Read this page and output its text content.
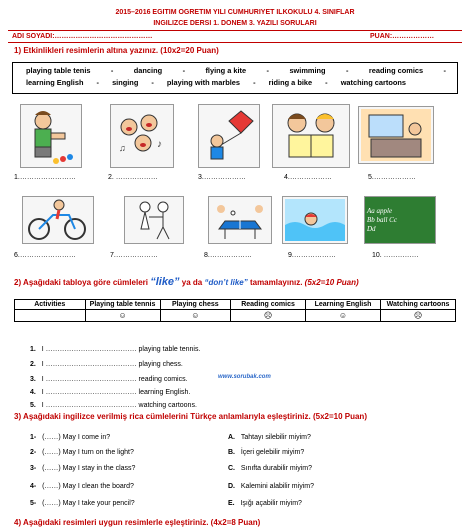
2015–2016 EGITIM OGRETIM YILI CUMHURIYET ILKOKULU 4. SINIFLAR
INGILIZCE DERSI 1. DONEM 3. YAZILI SORULARI
ADI SOYADI:……………………………………	PUAN:………………
1) Etkinlikleri resimlerin altına yazınız. (10x2=20 Puan)
playing table tenis	-	dancing	-	flying a kite	-	swimming	-	reading comics	-
learning English - singing - playing with marbles - riding a bike - watching cartoons
♪
♫
1.……………………	2. ………………	3.………………	4.………………	5.………………
Aa apple
Bb ball Cc
Dd
6.……………………	7.………………	8.………………	9.………………	10. ……………
2) Aşağıdaki tabloya göre cümleleri “like” ya da “don’t like” tamamlayınız. (5x2=10 Puan)
Activities	Playing table tennis	Playing chess	Reading comics	Learning English	Watching cartoons
	☺	☺	☹	☺	☹
1. I ………………………………… playing table tennis.
2. I ………………………………… playing chess.
3. I ………………………………… reading comics.
4. I ………………………………… learning English.
5. I ………………………………… watching cartoons.
www.sorubak.com
3) Aşağıdaki ingilizce verilmiş rica cümlelerini Türkçe anlamlarıyla eşleştiriniz. (5x2=10 Puan)
1- (……) May I come in?
2- (……) May I turn on the light?
3- (……) May I stay in the class?
4- (……) May I clean the board?
5- (……) May I take your pencil?
A. Tahtayı silebilir miyim?
B. İçeri gelebilir miyim?
C. Sınıfta durabilir miyim?
D. Kalemini alabilir miyim?
E. Işığı açabilir miyim?
4) Aşağıdaki resimleri uygun resimlerle eşleştiriniz. (4x2=8 Puan)
